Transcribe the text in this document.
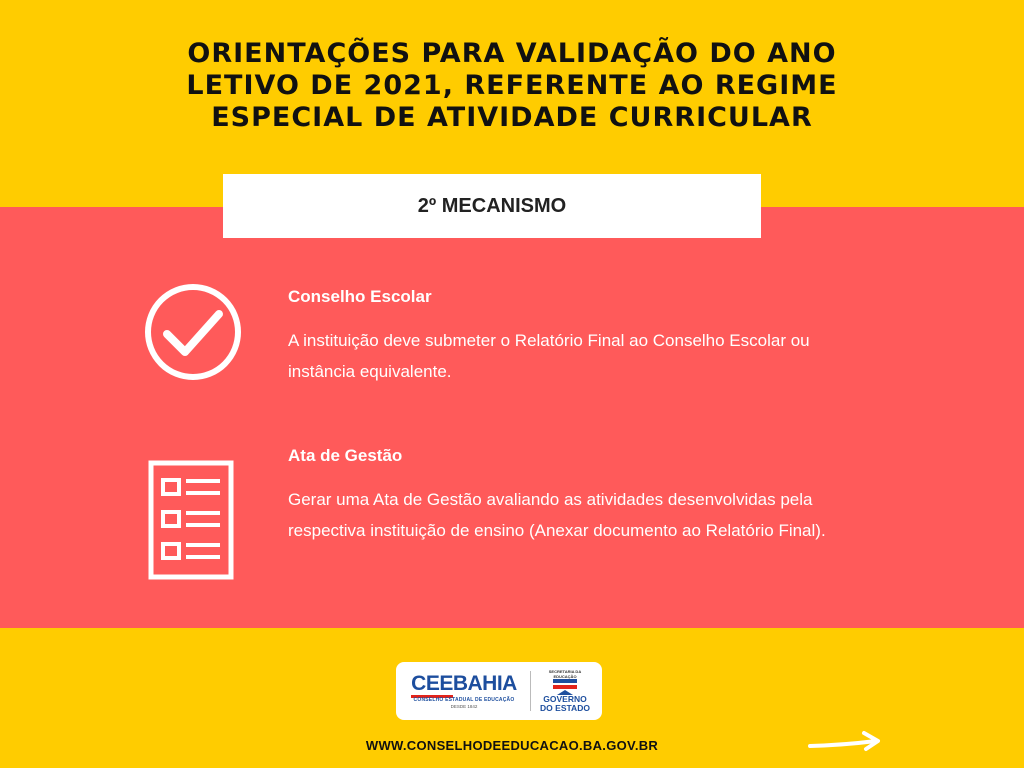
ORIENTAÇÕES PARA VALIDAÇÃO DO ANO
LETIVO DE 2021, REFERENTE AO REGIME
ESPECIAL DE ATIVIDADE CURRICULAR
2º MECANISMO
Conselho Escolar
A instituição deve submeter o Relatório Final ao Conselho Escolar ou instância equivalente.
Ata de Gestão
Gerar uma Ata de Gestão avaliando as atividades desenvolvidas pela respectiva instituição de ensino (Anexar documento ao Relatório Final).
CEEBAHIA
CONSELHO ESTADUAL DE EDUCAÇÃO
DESDE 1842
SECRETARIA DA EDUCAÇÃO
GOVERNO
DO ESTADO
WWW.CONSELHODEEDUCACAO.BA.GOV.BR
